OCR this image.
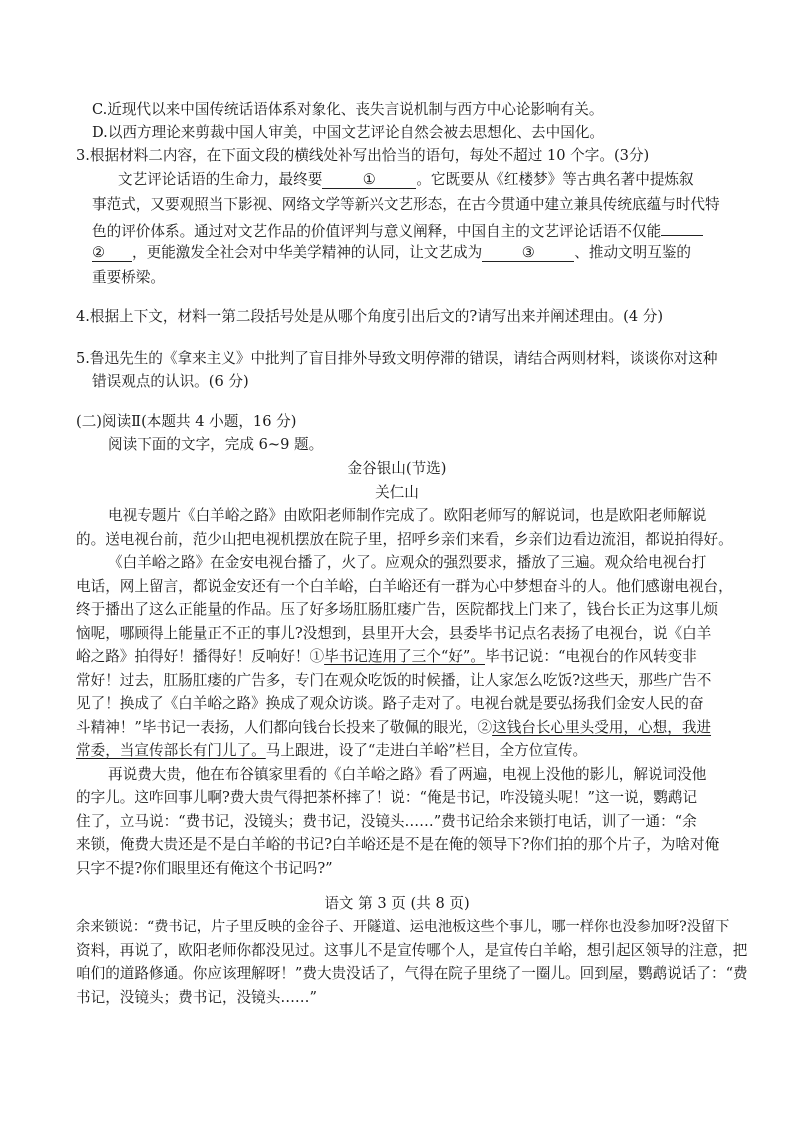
C.近现代以来中国传统话语体系对象化、丧失言说机制与西方中心论影响有关。
D.以西方理论来剪裁中国人审美，中国文艺评论自然会被去思想化、去中国化。
3.根据材料二内容，在下面文段的横线处补写出恰当的语句，每处不超过 10 个字。(3分)
文艺评论话语的生命力，最终要	①	。它既要从《红楼梦》等古典名著中提炼叙
事范式，又要观照当下影视、网络文学等新兴文艺形态，在古今贯通中建立兼具传统底蕴与时代特
色的评价体系。通过对文艺作品的价值评判与意义阐释，中国自主的文艺评论话语不仅能
② ，更能激发全社会对中华美学精神的认同，让文艺成为	③	、推动文明互鉴的
重要桥梁。
4.根据上下文，材料一第二段括号处是从哪个角度引出后文的?请写出来并阐述理由。(4 分)
5.鲁迅先生的《拿来主义》中批判了盲目排外导致文明停滞的错误，请结合两则材料，谈谈你对这种
错误观点的认识。(6 分)
(二)阅读Ⅱ(本题共 4 小题，16 分)
阅读下面的文字，完成 6~9 题。
金谷银山(节选)
关仁山
电视专题片《白羊峪之路》由欧阳老师制作完成了。欧阳老师写的解说词，也是欧阳老师解说
的。送电视台前，范少山把电视机摆放在院子里，招呼乡亲们来看，乡亲们边看边流泪，都说拍得好。
《白羊峪之路》在金安电视台播了，火了。应观众的强烈要求，播放了三遍。观众给电视台打
电话，网上留言，都说金安还有一个白羊峪，白羊峪还有一群为心中梦想奋斗的人。他们感谢电视台，
终于播出了这么正能量的作品。压了好多场肛肠肛瘘广告，医院都找上门来了，钱台长正为这事儿烦
恼呢，哪顾得上能量正不正的事儿?没想到，县里开大会，县委毕书记点名表扬了电视台，说《白羊
峪之路》拍得好！播得好！反响好！①毕书记连用了三个“好”。毕书记说：“电视台的作风转变非
常好！过去，肛肠肛瘘的广告多，专门在观众吃饭的时候播，让人家怎么吃饭?这些天，那些广告不
见了！换成了《白羊峪之路》换成了观众访谈。路子走对了。电视台就是要弘扬我们金安人民的奋
斗精神！”毕书记一表扬，人们都向钱台长投来了敬佩的眼光，②这钱台长心里头受用，心想，我进
常委，当宣传部长有门儿了。马上跟进，设了“走进白羊峪”栏目，全方位宣传。
再说费大贵，他在布谷镇家里看的《白羊峪之路》看了两遍，电视上没他的影儿，解说词没他
的字儿。这咋回事儿啊?费大贵气得把茶杯摔了！说：“俺是书记，咋没镜头呢！”这一说，鹦鹉记
住了，立马说：“费书记，没镜头；费书记，没镜头……”费书记给余来锁打电话，训了一通：“余
来锁，俺费大贵还是不是白羊峪的书记?白羊峪还是不是在俺的领导下?你们拍的那个片子，为啥对俺
只字不提?你们眼里还有俺这个书记吗?”
语文 第 3 页 (共 8 页)
余来锁说：“费书记，片子里反映的金谷子、开隧道、运电池板这些个事儿，哪一样你也没参加呀?没留下
资料，再说了，欧阳老师你都没见过。这事儿不是宣传哪个人，是宣传白羊峪，想引起区领导的注意，把
咱们的道路修通。你应该理解呀！”费大贵没话了，气得在院子里绕了一圈儿。回到屋，鹦鹉说话了：“费
书记，没镜头；费书记，没镜头……”
